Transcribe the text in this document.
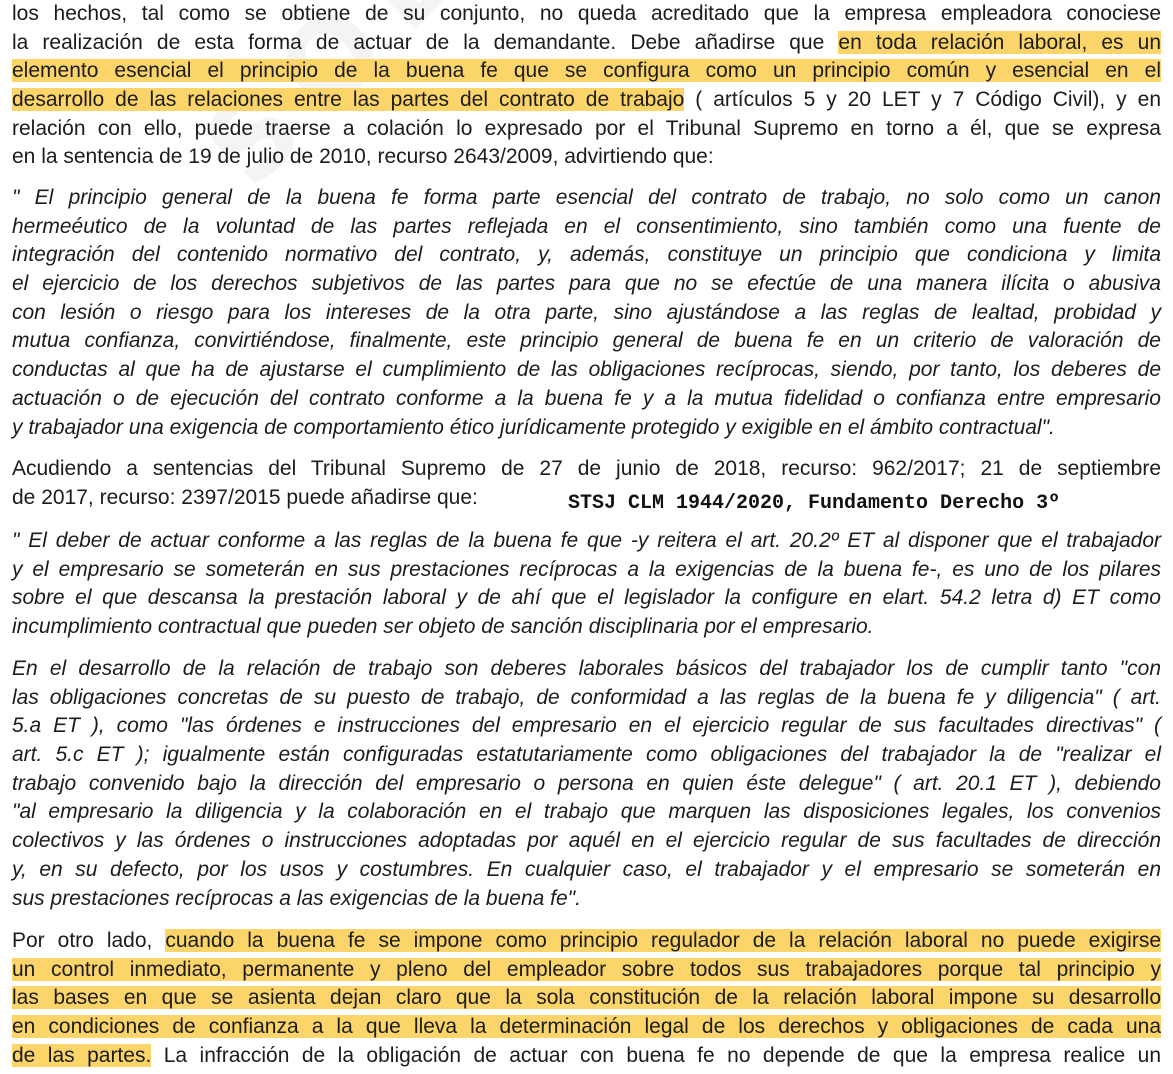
los hechos, tal como se obtiene de su conjunto, no queda acreditado que la empresa empleadora conociese
la realización de esta forma de actuar de la demandante. Debe añadirse que en toda relación laboral, es un
elemento esencial el principio de la buena fe que se configura como un principio común y esencial en el
desarrollo de las relaciones entre las partes del contrato de trabajo ( artículos 5 y 20 LET y 7 Código Civil), y en
relación con ello, puede traerse a colación lo expresado por el Tribunal Supremo en torno a él, que se expresa
en la sentencia de 19 de julio de 2010, recurso 2643/2009, advirtiendo que:
" El principio general de la buena fe forma parte esencial del contrato de trabajo, no solo como un canon
hermeéutico de la voluntad de las partes reflejada en el consentimiento, sino también como una fuente de
integración del contenido normativo del contrato, y, además, constituye un principio que condiciona y limita
el ejercicio de los derechos subjetivos de las partes para que no se efectúe de una manera ilícita o abusiva
con lesión o riesgo para los intereses de la otra parte, sino ajustándose a las reglas de lealtad, probidad y
mutua confianza, convirtiéndose, finalmente, este principio general de buena fe en un criterio de valoración de
conductas al que ha de ajustarse el cumplimiento de las obligaciones recíprocas, siendo, por tanto, los deberes de
actuación o de ejecución del contrato conforme a la buena fe y a la mutua fidelidad o confianza entre empresario
y trabajador una exigencia de comportamiento ético jurídicamente protegido y exigible en el ámbito contractual".
Acudiendo a sentencias del Tribunal Supremo de 27 de junio de 2018, recurso: 962/2017; 21 de septiembre
de 2017, recurso: 2397/2015 puede añadirse que:	STSJ CLM 1944/2020, Fundamento Derecho 3º
" El deber de actuar conforme a las reglas de la buena fe que -y reitera el art. 20.2º ET al disponer que el trabajador
y el empresario se someterán en sus prestaciones recíprocas a la exigencias de la buena fe-, es uno de los pilares
sobre el que descansa la prestación laboral y de ahí que el legislador la configure en elart. 54.2 letra d) ET como
incumplimiento contractual que pueden ser objeto de sanción disciplinaria por el empresario.
En el desarrollo de la relación de trabajo son deberes laborales básicos del trabajador los de cumplir tanto "con
las obligaciones concretas de su puesto de trabajo, de conformidad a las reglas de la buena fe y diligencia" ( art.
5.a ET ), como "las órdenes e instrucciones del empresario en el ejercicio regular de sus facultades directivas" (
art. 5.c ET ); igualmente están configuradas estatutariamente como obligaciones del trabajador la de "realizar el
trabajo convenido bajo la dirección del empresario o persona en quien éste delegue" ( art. 20.1 ET ), debiendo
"al empresario la diligencia y la colaboración en el trabajo que marquen las disposiciones legales, los convenios
colectivos y las órdenes o instrucciones adoptadas por aquél en el ejercicio regular de sus facultades de dirección
y, en su defecto, por los usos y costumbres. En cualquier caso, el trabajador y el empresario se someterán en
sus prestaciones recíprocas a las exigencias de la buena fe".
Por otro lado, cuando la buena fe se impone como principio regulador de la relación laboral no puede exigirse
un control inmediato, permanente y pleno del empleador sobre todos sus trabajadores porque tal principio y
las bases en que se asienta dejan claro que la sola constitución de la relación laboral impone su desarrollo
en condiciones de confianza a la que lleva la determinación legal de los derechos y obligaciones de cada una
de las partes. La infracción de la obligación de actuar con buena fe no depende de que la empresa realice un
